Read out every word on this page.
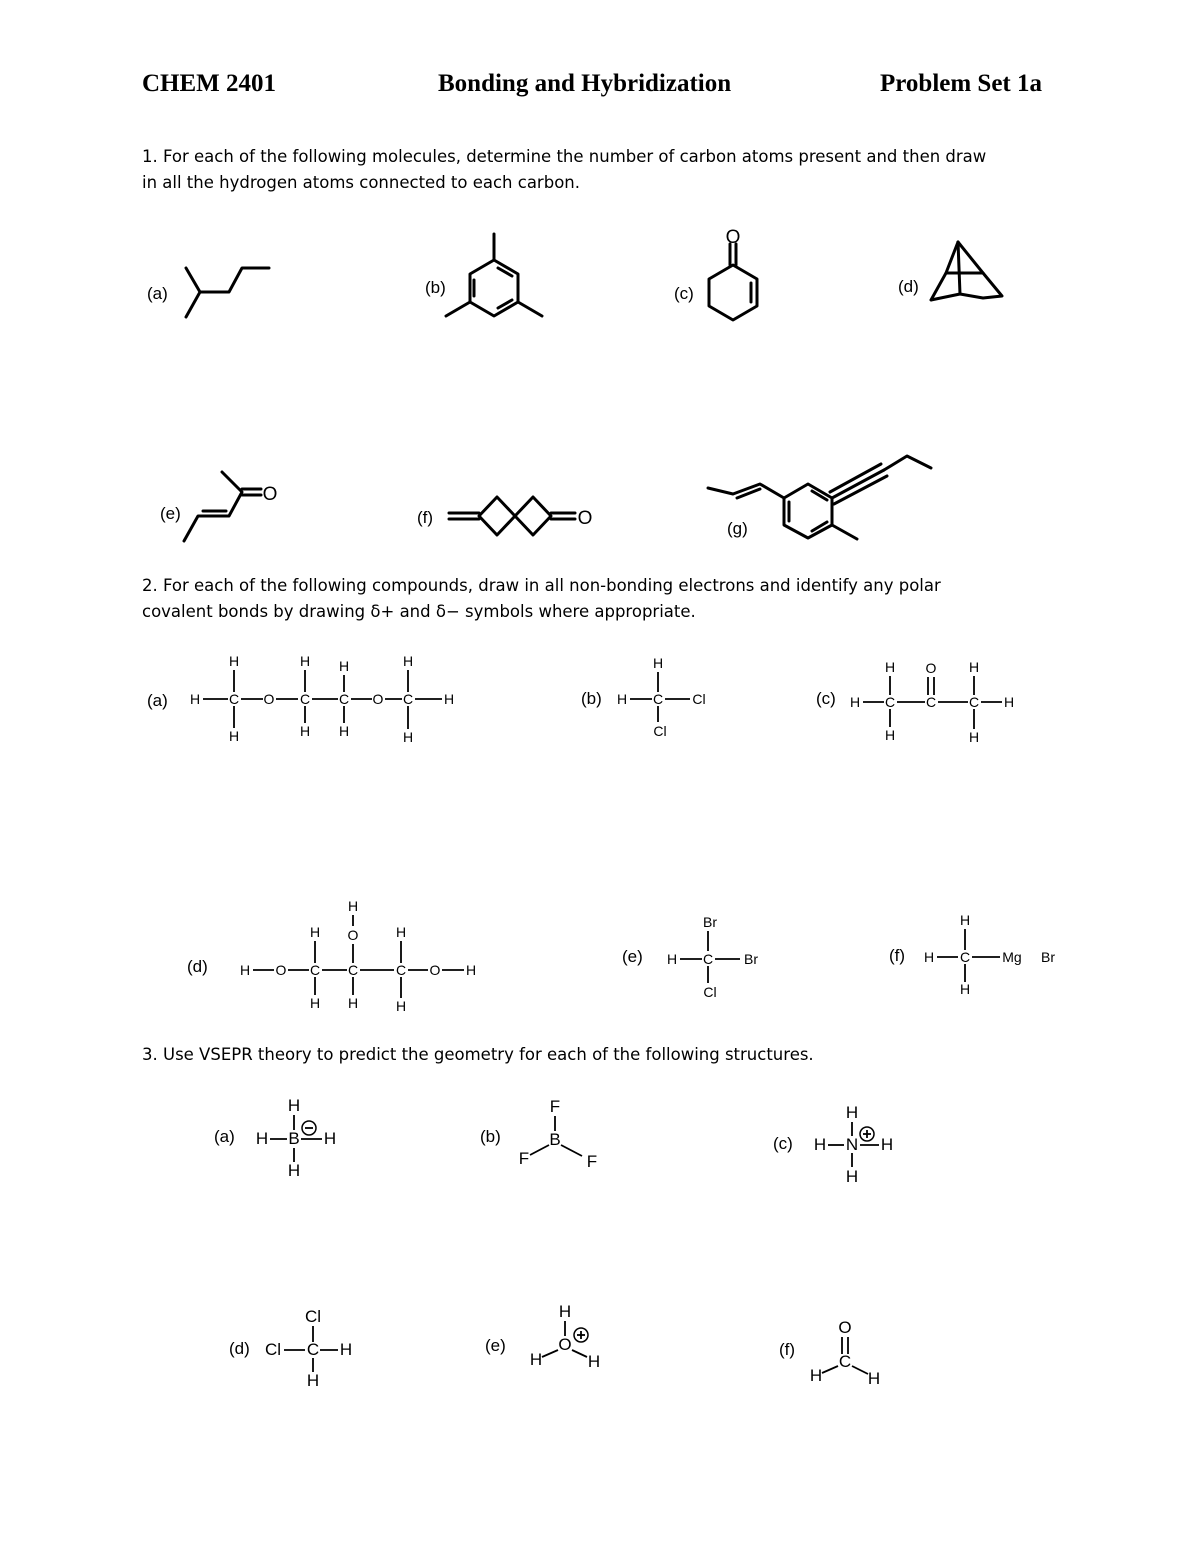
CHEM 2401	Bonding and Hybridization	Problem Set 1a
1. For each of the following molecules, determine the number of carbon atoms present and then draw
in all the hydrogen atoms connected to each carbon.
2. For each of the following compounds, draw in all non-bonding electrons and identify any polar
covalent bonds by drawing δ+ and δ− symbols where appropriate.
3. Use VSEPR theory to predict the geometry for each of the following structures.
(a)	(b)	(c)	(d)
(e)	(f)
(g)
(a)	(b)	(c)
(d)
(e)	(f)
(a)	(b)	(c)
(d)	(e)	(f)
O
O
O
H C
H
H
O C
H
H
C
H
H
O C
H
H
H	H C
H
Cl
Cl
H C
H
H
C
O
C
H
H
H
H O C
H
H
C
H
O
H
C
H
H
O H
Br
H C Br
Cl
H
H C Mg Br
H
H
H B H
H
F
B
F	F
H
H N H
H
Cl
Cl C H
H
H
O
H	H
O
C
H	H
